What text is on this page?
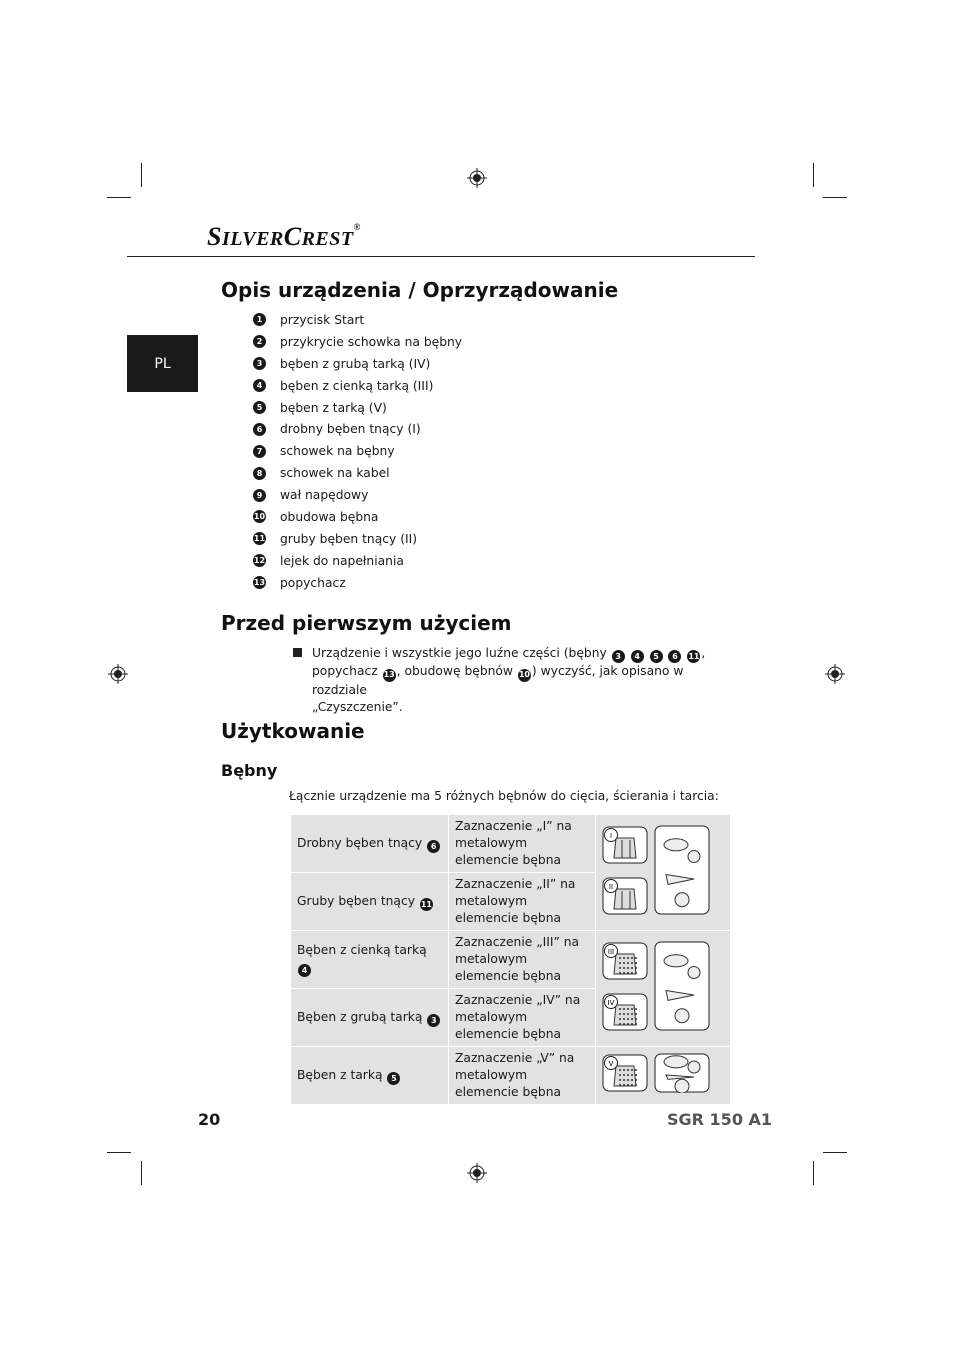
SILVERCREST®
PL
Opis urządzenia / Oprzyrządowanie
1	przycisk Start
2	przykrycie schowka na bębny
3	bęben z grubą tarką (IV)
4	bęben z cienką tarką (III)
5	bęben z tarką (V)
6	drobny bęben tnący (I)
7	schowek na bębny
8	schowek na kabel
9	wał napędowy
10 obudowa bębna
11 gruby bęben tnący (II)
12 lejek do napełniania
13 popychacz
Przed pierwszym użyciem
Urządzenie i wszystkie jego luźne części (bębny 3 4 5 6 11 ,
popychacz 13 , obudowę bębnów 10 ) wyczyść, jak opisano w rozdziale
„Czyszczenie”.
Użytkowanie
Bębny
Łącznie urządzenie ma 5 różnych bębnów do cięcia, ścierania i tarcia:
Drobny bęben tnący 6	Zaznaczenie „I” na metalowym elemencie bębna	I
II

Gruby bęben tnący 11	Zaznaczenie „II” na metalowym elemencie bębna	
Bęben z cienką tarką 4	Zaznaczenie „III” na metalowym elemencie bębna	III
IV

Bęben z grubą tarką 3	Zaznaczenie „IV” na metalowym elemencie bębna	
Bęben z tarką 5	Zaznaczenie „V” na metalowym elemencie bębna	V
20	SGR 150 A1
